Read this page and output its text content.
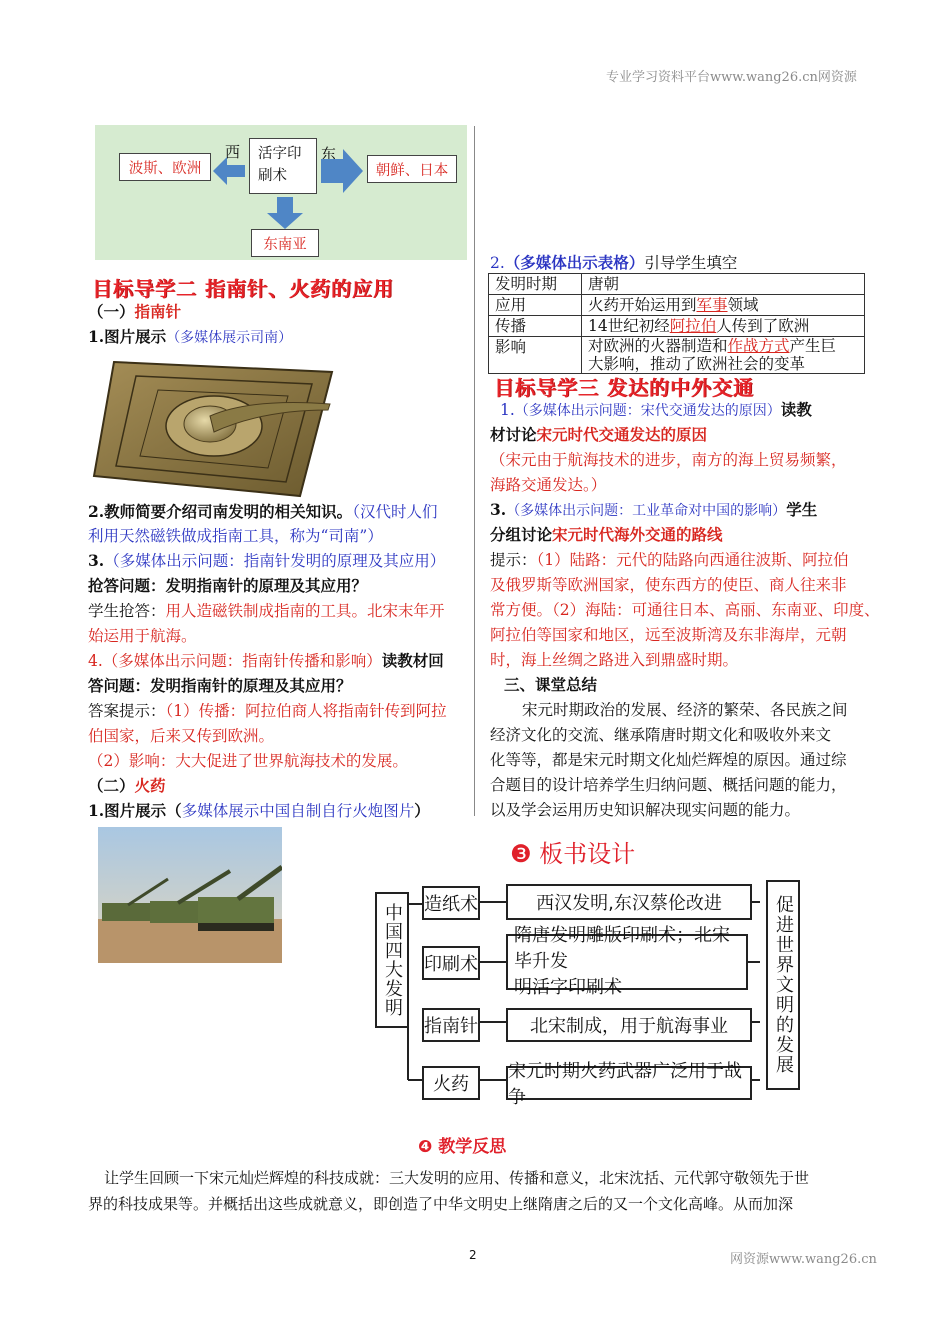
专业学习资料平台www.wang26.cn网资源
西	东
活字印刷术
波斯、欧洲	朝鲜、日本
东南亚
目标导学二 指南针、火药的应用
（一）指南针
1.图片展示（多媒体展示司南）
2.教师简要介绍司南发明的相关知识。（汉代时人们
利用天然磁铁做成指南工具，称为“司南”）
3.（多媒体出示问题：指南针发明的原理及其应用）
抢答问题：发明指南针的原理及其应用？
学生抢答：用人造磁铁制成指南的工具。北宋末年开
始运用于航海。
4.（多媒体出示问题：指南针传播和影响）读教材回
答问题：发明指南针的原理及其应用？
答案提示：（1）传播：阿拉伯商人将指南针传到阿拉
伯国家，后来又传到欧洲。
（2）影响：大大促进了世界航海技术的发展。
（二）火药
1.图片展示（多媒体展示中国自制自行火炮图片）
2.（多媒体出示表格）引导学生填空
发明时期	唐朝
应用	火药开始运用到军事领域
传播	14世纪初经阿拉伯人传到了欧洲
影响	对欧洲的火器制造和作战方式产生巨
大影响，推动了欧洲社会的变革
目标导学三 发达的中外交通
1.（多媒体出示问题：宋代交通发达的原因）读教
材讨论宋元时代交通发达的原因
（宋元由于航海技术的进步，南方的海上贸易频繁，
海路交通发达。）
3.（多媒体出示问题：工业革命对中国的影响）学生
分组讨论宋元时代海外交通的路线
提示：（1）陆路：元代的陆路向西通往波斯、阿拉伯
及俄罗斯等欧洲国家，使东西方的使臣、商人往来非
常方便。（2）海陆：可通往日本、高丽、东南亚、印度、
阿拉伯等国家和地区，远至波斯湾及东非海岸，元朝
时，海上丝绸之路进入到鼎盛时期。
三、课堂总结
宋元时期政治的发展、经济的繁荣、各民族之间
经济文化的交流、继承隋唐时期文化和吸收外来文
化等等，都是宋元时期文化灿烂辉煌的原因。通过综
合题目的设计培养学生归纳问题、概括问题的能力，
以及学会运用历史知识解决现实问题的能力。
❸ 板书设计
中国四大发明	促进世界文明的发展
造纸术	西汉发明,东汉蔡伦改进
印刷术
隋唐发明雕版印刷术；北宋毕升发
明活字印刷术
指南针	北宋制成，用于航海事业
火药
宋元时期火药武器广泛用于战争
❹ 教学反思
让学生回顾一下宋元灿烂辉煌的科技成就：三大发明的应用、传播和意义，北宋沈括、元代郭守敬领先于世
界的科技成果等。并概括出这些成就意义，即创造了中华文明史上继隋唐之后的又一个文化高峰。从而加深
2	网资源www.wang26.cn
